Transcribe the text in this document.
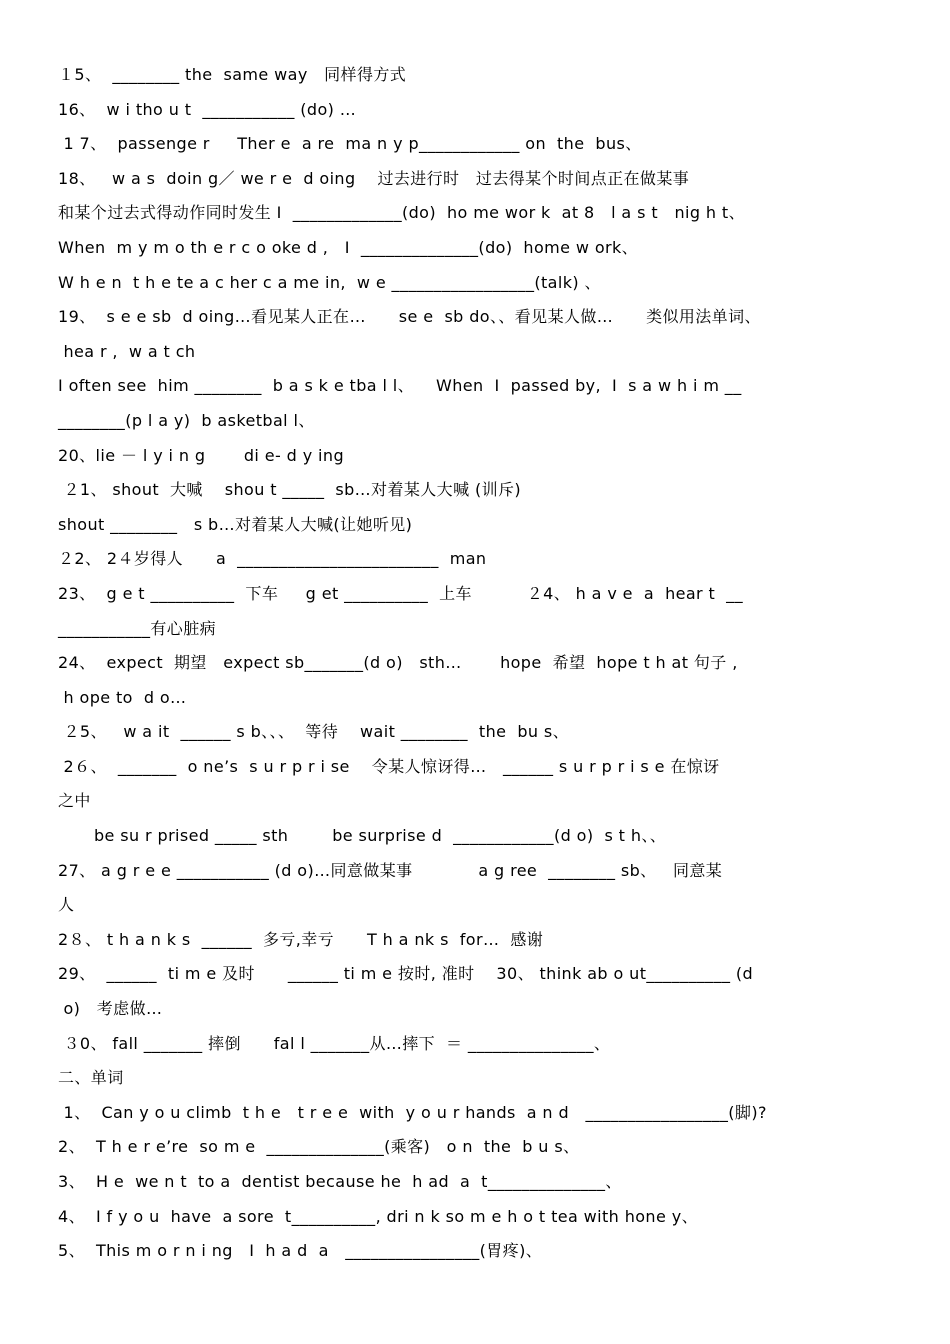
１5、  ________ the  same way   同样得方式
16、  w i tho u t  ___________ (do) …
1 7、  passenge r     Ther e  a re  ma n y p____________ on  the  bus、
18、   w a s  doin g／ we r e  d oing    过去进行时   过去得某个时间点正在做某事
和某个过去式得动作同时发生 I  _____________(do)  ho me wor k  at 8   l a s t   nig h t、
When  m y m o th e r c o oke d ,   I  ______________(do)  home w ork、
W h e n  t h e te a c her c a me in,  w e _________________(talk) 、
19、  s e e sb  d oing…看见某人正在…      se e  sb do、、看见某人做…      类似用法单词、
hea r ,  w a t ch
I often see  him ________  b a s k e tba l l、    When  I  passed by,  I  s a w h i m __
________(p l a y)  b asketbal l、
20、lie － l y i n g       di e- d y ing
２1、 shout  大喊    shou t _____  sb…对着某人大喊 (训斥)
shout ________   s b…对着某人大喊(让她听见)
２2、 2４岁得人      a  ________________________  man
23、  g e t __________  下车     g et __________  上车          ２4、 h a v e  a  hear t  __
___________有心脏病
24、  expect  期望   expect sb_______(d o)   sth…       hope  希望  hope t h at 句子 ,
h ope to  d o…
２5、   w a it  ______ s b、、、  等待    wait ________  the  bu s、
2６、  _______  o ne’s  s u r p r i se    令某人惊讶得…   ______ s u r p r i s e 在惊讶
之中
be su r prised _____ sth        be surprise d  ____________(d o)  s t h、、
27、 a g r e e ___________ (d o)…同意做某事            a g ree  ________ sb、   同意某
人
2８、 t h a n k s  ______  多亏,幸亏      T h a nk s  for…  感谢
29、  ______  ti m e 及时      ______ ti m e 按时, 准时    30、 think ab o ut__________ (d
o)   考虑做…
３0、 fall _______ 摔倒      fal l _______从…摔下  ＝ _______________、
二、单词
1、  Can y o u climb  t h e   t r e e  with  y o u r hands  a n d   _________________(脚)?
2、  T h e r e’re  so m e  ______________(乘客)   o n  the  b u s、
3、  H e  we n t  to a  dentist because he  h ad  a  t______________、
4、  I f y o u  have  a sore  t__________, dri n k so m e h o t tea with hone y、
5、  This m o r n i ng   I  h a d  a   ________________(胃疼)、
